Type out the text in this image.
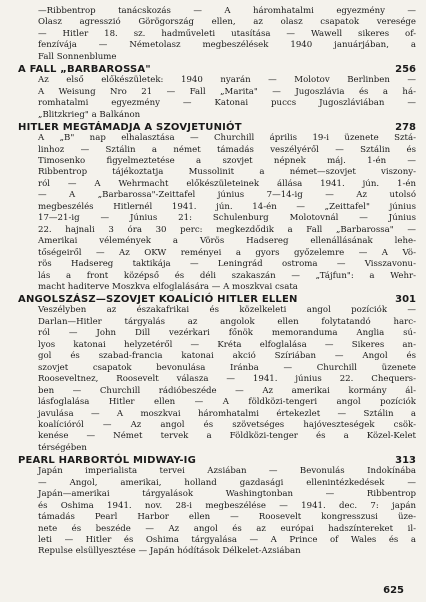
—Ribbentrop tanácskozás — A háromhatalmi egyezmény —
Olasz agresszió Görögország ellen, az olasz csapatok veresége
— Hitler 18. sz. hadműveleti utasítása — Wawell sikeres of-
fenzívája — Németolasz megbeszélések 1940 januárjában, a
Fall Sonnenblume
A FALL „BARBAROSSA"	256
Az első előkészületek: 1940 nyarán — Molotov Berlinben —
A Weisung Nro 21 — Fall „Marita" — Jugoszlávia és a há-
romhatalmi egyezmény — Katonai puccs Jugoszláviában —
„Blitzkrieg" a Balkánon
HITLER MEGTÁMADJA A SZOVJETUNIÓT	278
A „B" nap elhalasztása — Churchill április 19-i üzenete Sztá-
linhoz — Sztálin a német támadás veszélyéről — Sztálin és
Timosenko figyelmeztetése a szovjet népnek máj. 1-én —
Ribbentrop tájékoztatja Mussolinit a német—szovjet viszony-
ról — A Wehrmacht előkészületeinek állása 1941. jún. 1-én
— A „Barbarossa"-Zeittafel június 7—14-ig — Az utolsó
megbeszélés Hitlernél 1941. jún. 14-én — „Zeittafel" június
17—21-ig — Június 21: Schulenburg Molotovnál — Június
22. hajnali 3 óra 30 perc: megkezdődik a Fall „Barbarossa" —
Amerikai vélemények a Vörös Hadsereg ellenállásának lehe-
tőségeiről — Az OKW reményei a gyors győzelemre — A Vö-
rös Hadsereg taktikája — Leningrád ostroma — Visszavonu-
lás a front középső és déli szakaszán — „Tájfun": a Wehr-
macht haditerve Moszkva elfoglalására — A moszkvai csata
ANGOLSZÁSZ—SZOVJET KOALÍCIÓ HITLER ELLEN	301
Veszélyben az északafrikai és közelkeleti angol pozíciók —
Darlan—Hitler tárgyalás az angolok ellen folytatandó harc-
ról — John Dill vezérkari főnök memoranduma Anglia sú-
lyos katonai helyzetéről — Kréta elfoglalása — Sikeres an-
gol és szabad-francia katonai akció Szíriában — Angol és
szovjet csapatok bevonulása Iránba — Churchill üzenete
Rooseveltnez, Roosevelt válasza — 1941. június 22. Chequers-
ben — Churchill rádióbeszéde — Az amerikai kormány ál-
lásfoglalása Hitler ellen — A földközi-tengeri angol pozíciók
javulása — A moszkvai háromhatalmi értekezlet — Sztálin a
koalícióról — Az angol és szövetséges hajóveszteségek csök-
kenése — Német tervek a Földközi-tenger és a Közel-Kelet
térségében
PEARL HARBORTÓL MIDWAY-IG	313
Japán imperialista tervei Ázsiában — Bevonulás Indokínába
— Angol, amerikai, holland gazdasági ellenintézkedések —
Japán—amerikai tárgyalások Washingtonban — Ribbentrop
és Oshima 1941. nov. 28-i megbeszélése — 1941. dec. 7: japán
támadás Pearl Harbor ellen — Roosevelt kongresszusi üze-
nete és beszéde — Az angol és az európai hadszíntereket il-
leti — Hitler és Oshima tárgyalása — A Prince of Wales és a
Repulse elsüllyesztése — Japán hódítások Délkelet-Ázsiában
625
